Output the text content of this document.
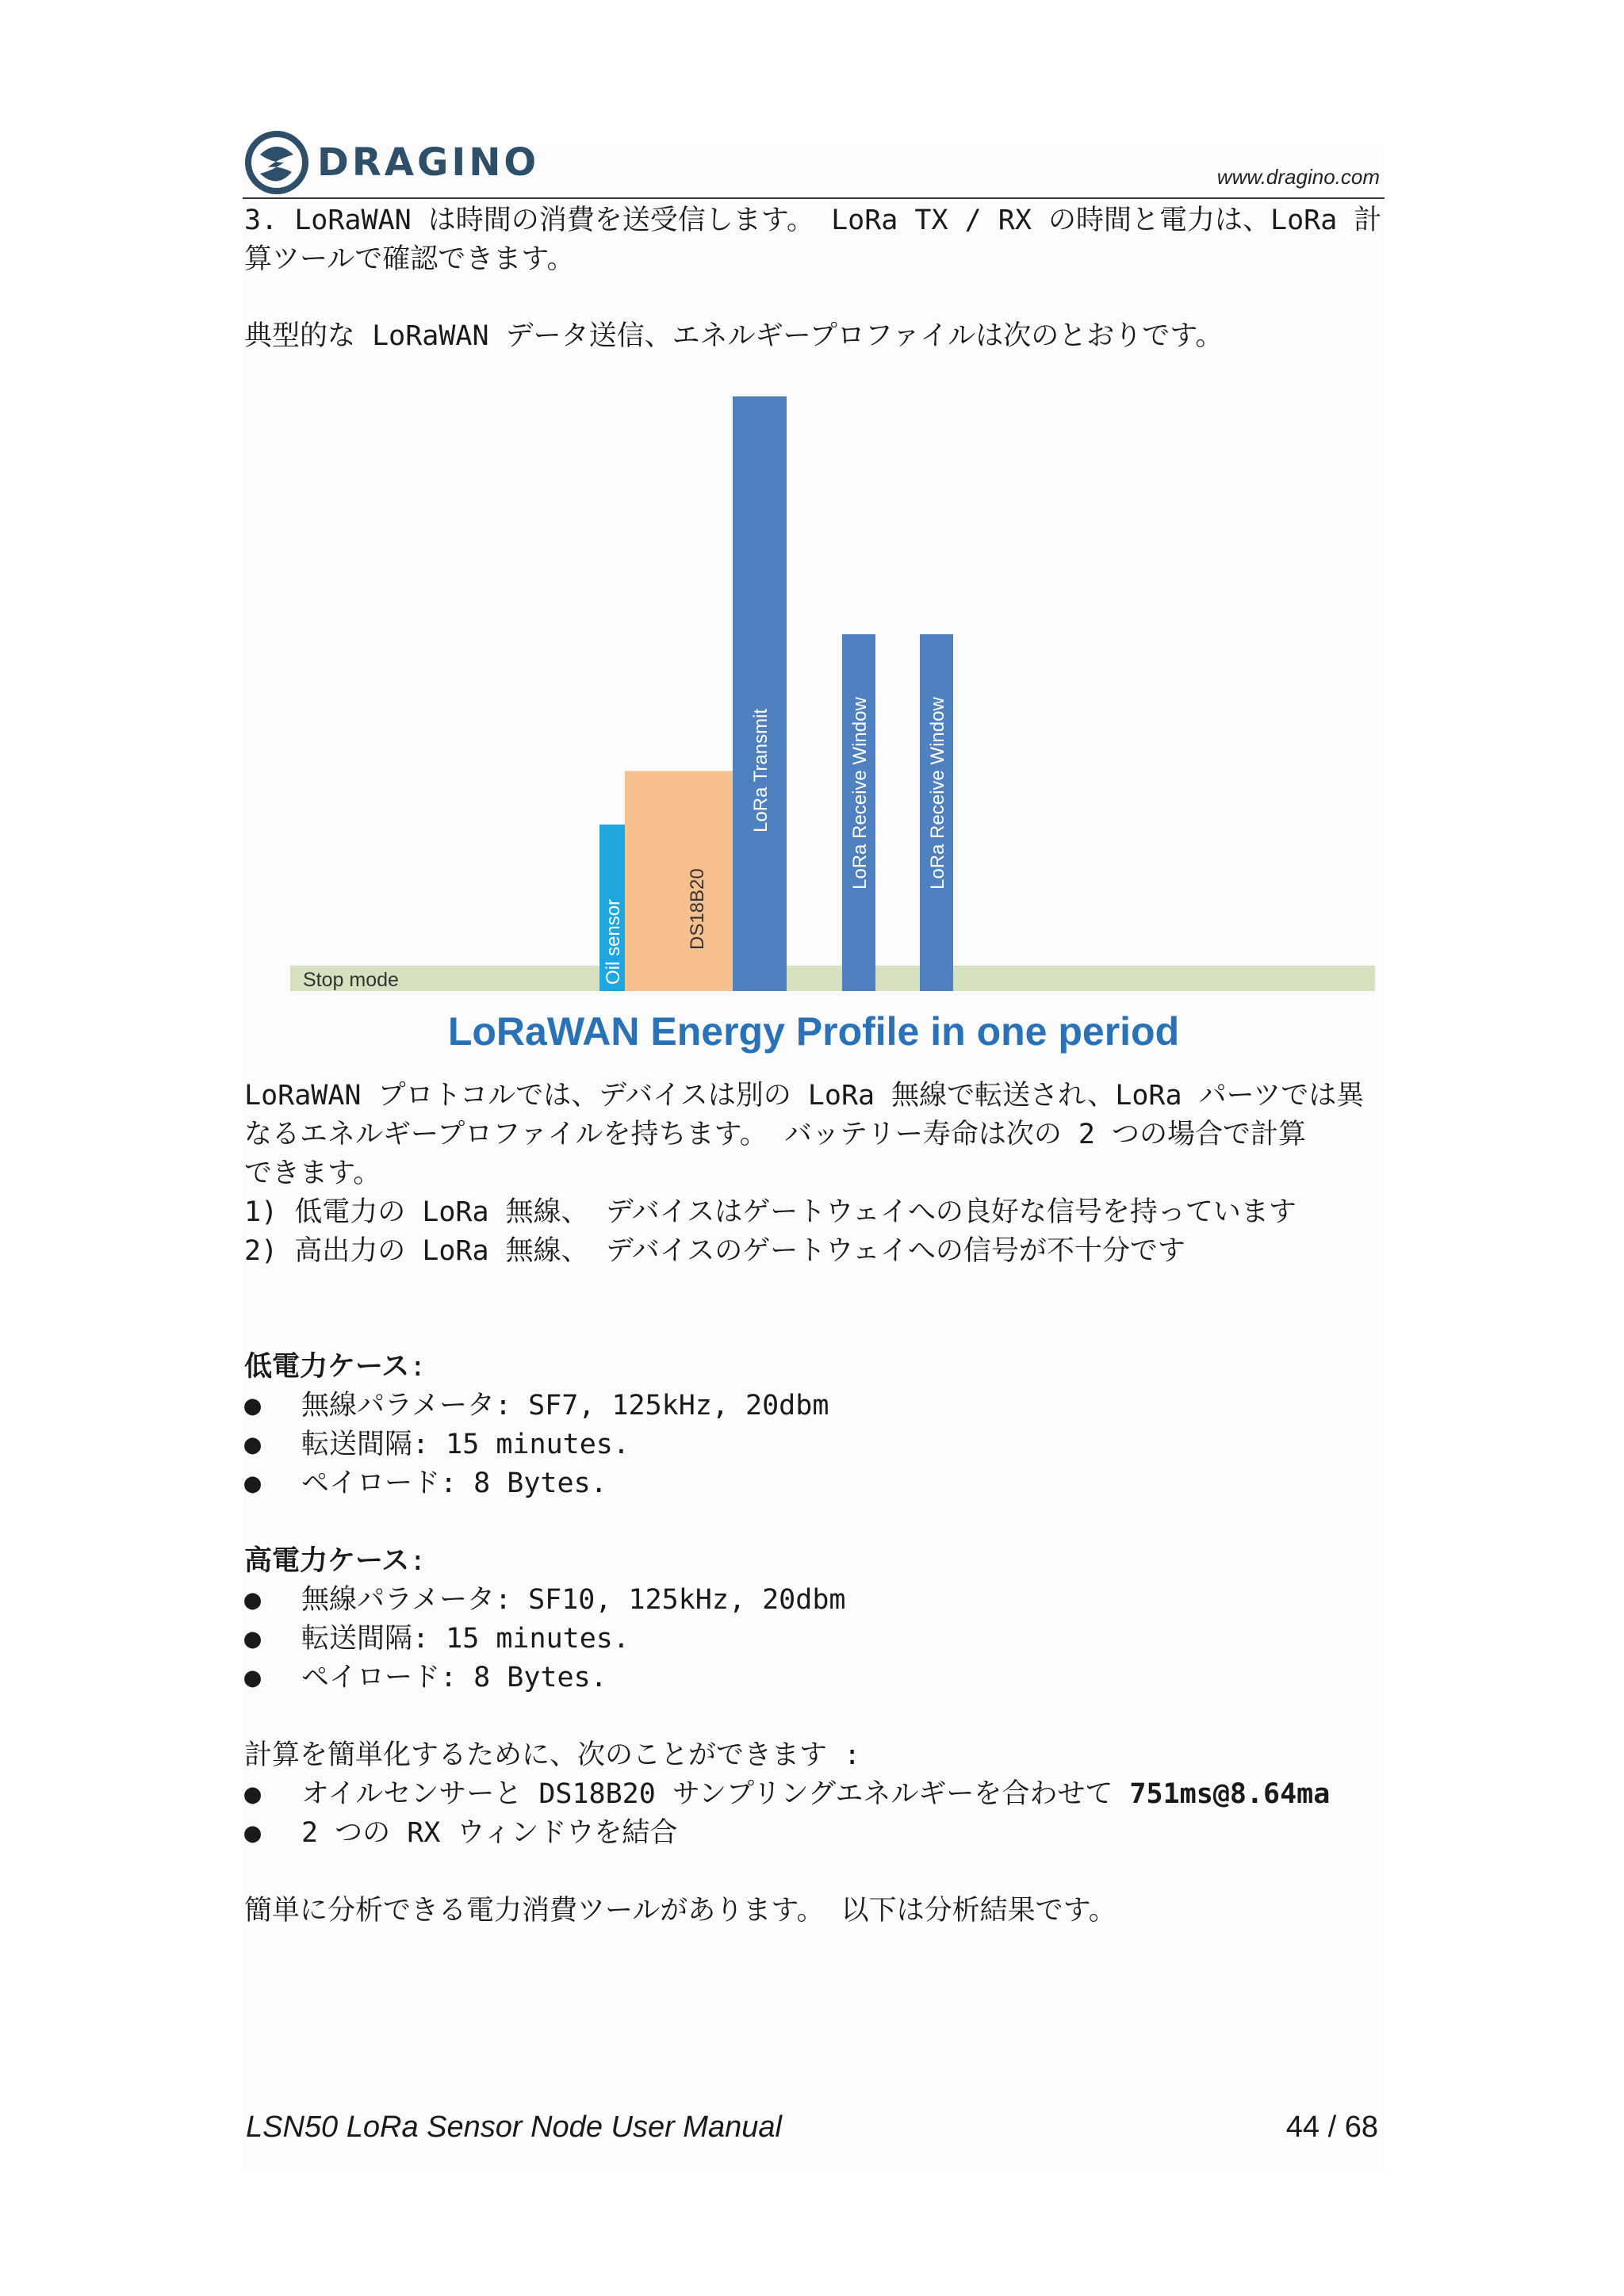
DRAGINO	www.dragino.com
3. LoRaWAN は時間の消費を送受信します。 LoRa TX / RX の時間と電力は、LoRa 計
算ツールで確認できます。
典型的な LoRaWAN データ送信、エネルギープロファイルは次のとおりです。
Stop mode	Oil sensor	DS18B20
LoRa Transmit	LoRa Receive Window	LoRa Receive Window
LoRaWAN Energy Profile in one period
LoRaWAN プロトコルでは、デバイスは別の LoRa 無線で転送され、LoRa パーツでは異
なるエネルギープロファイルを持ちます。 バッテリー寿命は次の 2 つの場合で計算
できます。
1) 低電力の LoRa 無線、 デバイスはゲートウェイへの良好な信号を持っています
2) 高出力の LoRa 無線、 デバイスのゲートウェイへの信号が不十分です
低電力ケース:
●	無線パラメータ: SF7, 125kHz, 20dbm
●	転送間隔: 15 minutes.
●	ペイロード: 8 Bytes.
高電力ケース:
●	無線パラメータ: SF10, 125kHz, 20dbm
●	転送間隔: 15 minutes.
●	ペイロード: 8 Bytes.
計算を簡単化するために、次のことができます :
●	オイルセンサーと DS18B20 サンプリングエネルギーを合わせて 751ms@8.64ma
●	2 つの RX ウィンドウを結合
簡単に分析できる電力消費ツールがあります。 以下は分析結果です。
LSN50 LoRa Sensor Node User Manual	44 / 68
